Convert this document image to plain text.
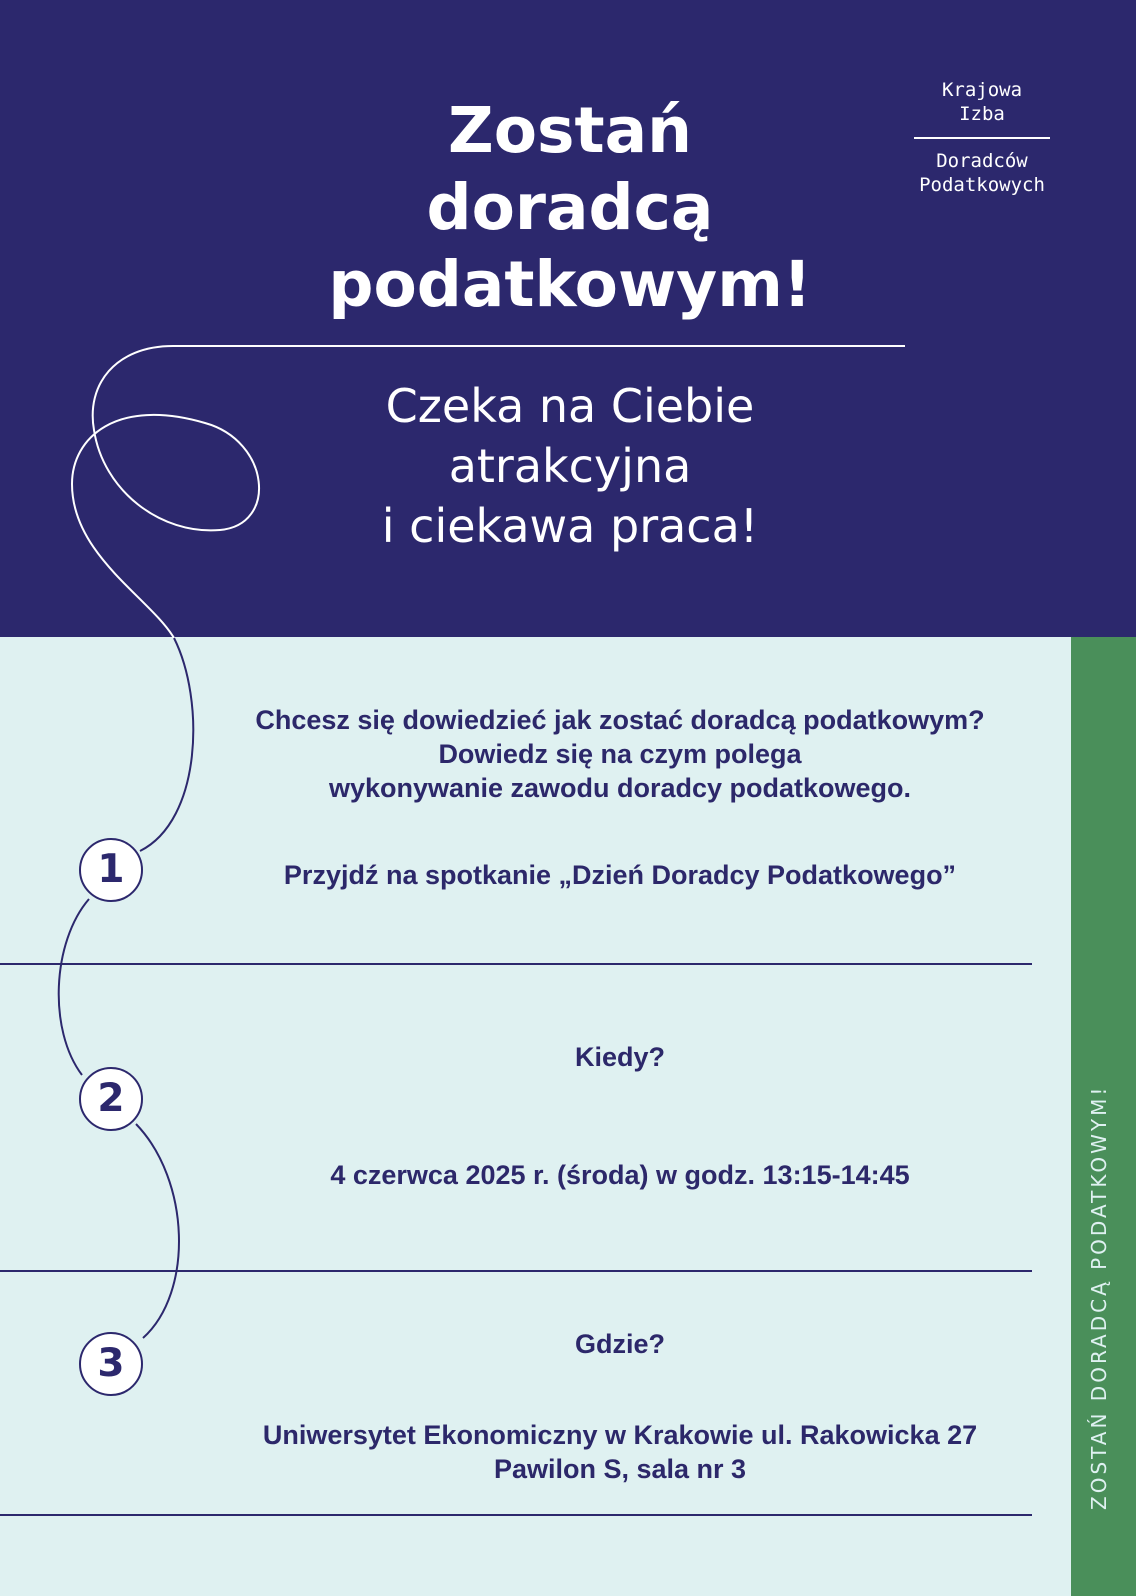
Zostań
doradcą
podatkowym!
Krajowa
Izba
Doradców
Podatkowych
Czeka na Ciebie
atrakcyjna
i ciekawa praca!
ZOSTAŃ DORADCĄ PODATKOWYM!
1
2
3
Chcesz się dowiedzieć jak zostać doradcą podatkowym?
Dowiedz się na czym polega
wykonywanie zawodu doradcy podatkowego.
Przyjdź na spotkanie „Dzień Doradcy Podatkowego”
Kiedy?
4 czerwca 2025 r. (środa) w godz. 13:15-14:45
Gdzie?
Uniwersytet Ekonomiczny w Krakowie ul. Rakowicka 27
Pawilon S, sala nr 3
